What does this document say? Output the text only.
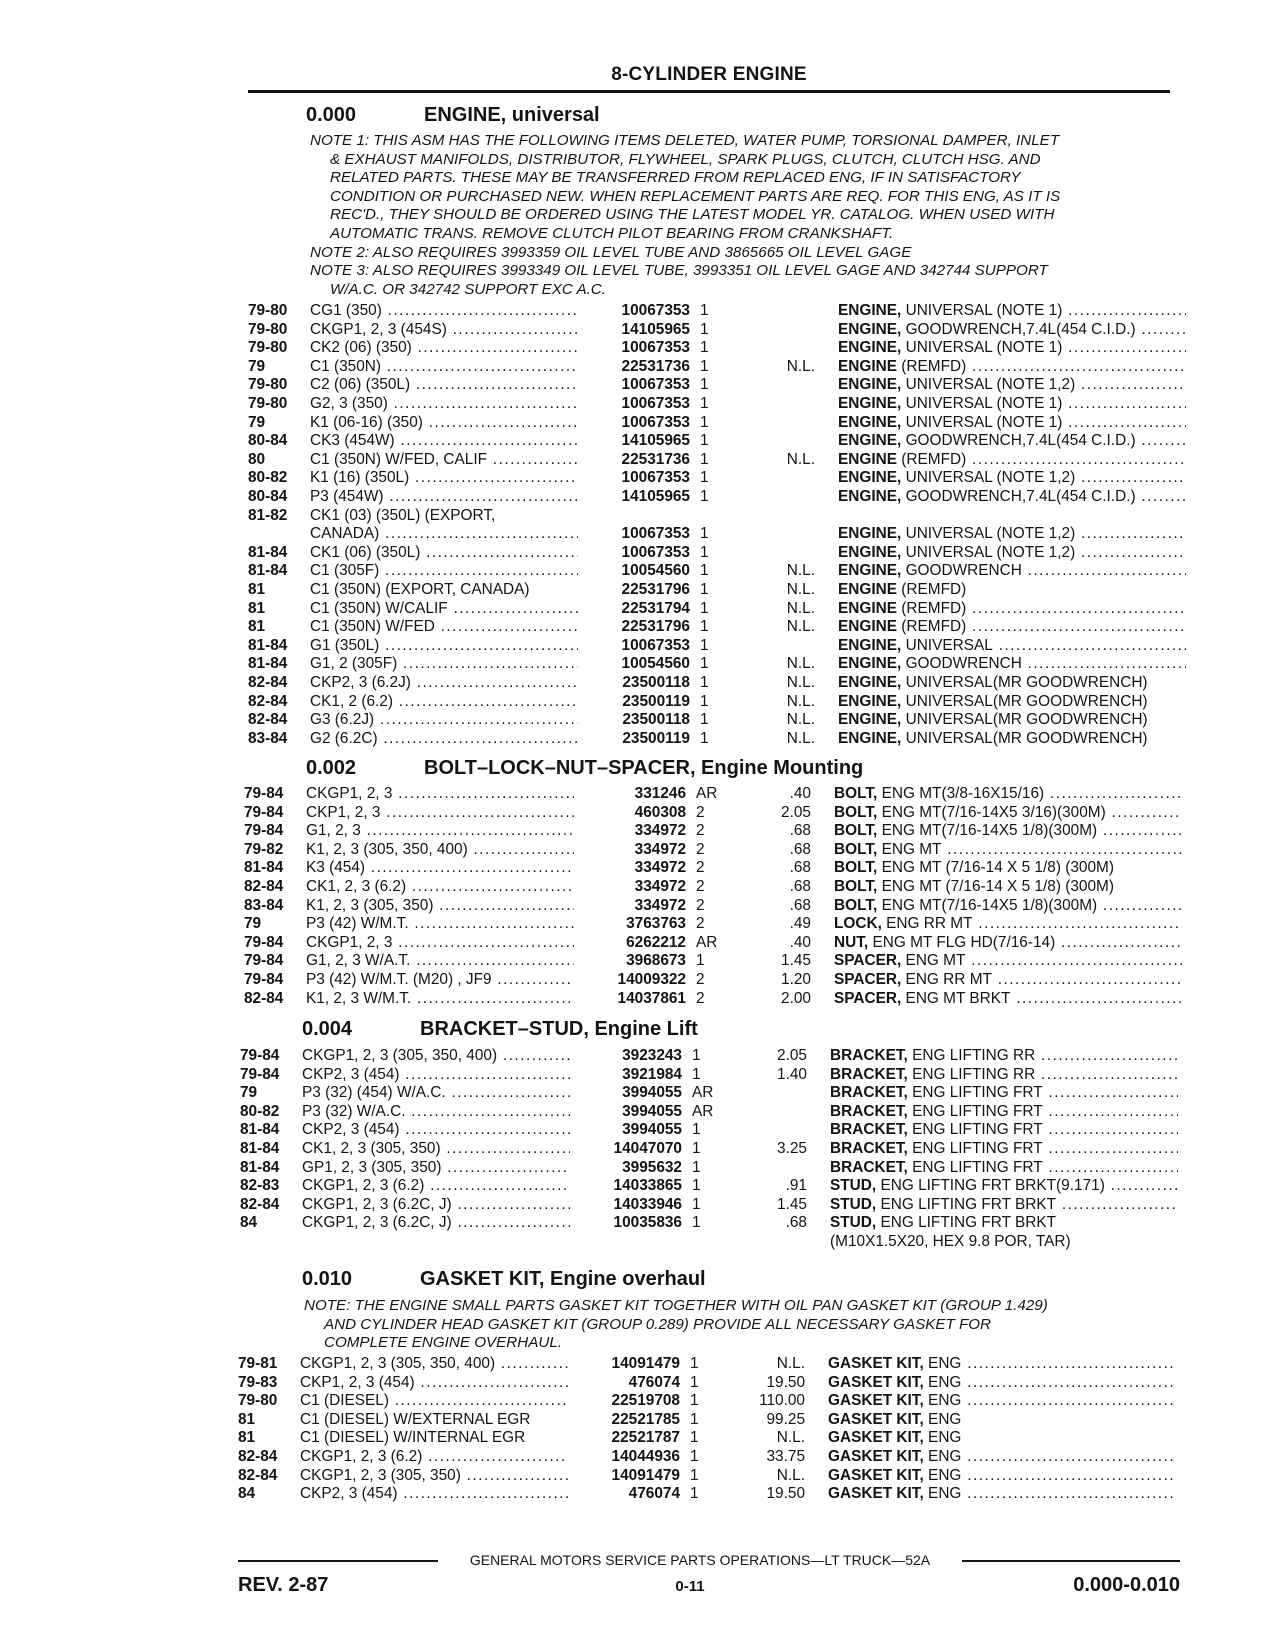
8-CYLINDER ENGINE
0.000	ENGINE, universal
NOTE 1: THIS ASM HAS THE FOLLOWING ITEMS DELETED, WATER PUMP, TORSIONAL DAMPER, INLET
& EXHAUST MANIFOLDS, DISTRIBUTOR, FLYWHEEL, SPARK PLUGS, CLUTCH, CLUTCH HSG. AND
RELATED PARTS. THESE MAY BE TRANSFERRED FROM REPLACED ENG, IF IN SATISFACTORY
CONDITION OR PURCHASED NEW. WHEN REPLACEMENT PARTS ARE REQ. FOR THIS ENG, AS IT IS
REC'D., THEY SHOULD BE ORDERED USING THE LATEST MODEL YR. CATALOG. WHEN USED WITH
AUTOMATIC TRANS. REMOVE CLUTCH PILOT BEARING FROM CRANKSHAFT.
NOTE 2: ALSO REQUIRES 3993359 OIL LEVEL TUBE AND 3865665 OIL LEVEL GAGE
NOTE 3: ALSO REQUIRES 3993349 OIL LEVEL TUBE, 3993351 OIL LEVEL GAGE AND 342744 SUPPORT
W/A.C. OR 342742 SUPPORT EXC A.C.
79-80 CG1 (350) .....	10067353 1	ENGINE, UNIVERSAL (NOTE 1) .....
79-80 CKGP1, 2, 3 (454S) .....	14105965 1	ENGINE, GOODWRENCH,7.4L(454 C.I.D.) .....
79-80 CK2 (06) (350) .....	10067353 1	ENGINE, UNIVERSAL (NOTE 1) .....
79	C1 (350N) .....	22531736 1	N.L. ENGINE (REMFD) .....
79-80 C2 (06) (350L) .....	10067353 1	ENGINE, UNIVERSAL (NOTE 1,2) .....
79-80 G2, 3 (350) .....	10067353 1	ENGINE, UNIVERSAL (NOTE 1) .....
79	K1 (06-16) (350) .....	10067353 1	ENGINE, UNIVERSAL (NOTE 1) .....
80-84 CK3 (454W) .....	14105965 1	ENGINE, GOODWRENCH,7.4L(454 C.I.D.) .....
80	C1 (350N) W/FED, CALIF .....	22531736 1	N.L. ENGINE (REMFD) .....
80-82 K1 (16) (350L) .....	10067353 1	ENGINE, UNIVERSAL (NOTE 1,2) .....
80-84 P3 (454W) .....	14105965 1	ENGINE, GOODWRENCH,7.4L(454 C.I.D.) .....
81-82 CK1 (03) (350L) (EXPORT,
CANADA) .....	10067353 1	ENGINE, UNIVERSAL (NOTE 1,2) .....
81-84 CK1 (06) (350L) .....	10067353 1	ENGINE, UNIVERSAL (NOTE 1,2) .....
81-84 C1 (305F) .....	10054560 1	N.L. ENGINE, GOODWRENCH .....
81	C1 (350N) (EXPORT, CANADA)	22531796 1	N.L. ENGINE (REMFD)
81	C1 (350N) W/CALIF .....	22531794 1	N.L. ENGINE (REMFD) .....
81	C1 (350N) W/FED .....	22531796 1	N.L. ENGINE (REMFD) .....
81-84 G1 (350L) .....	10067353 1	ENGINE, UNIVERSAL .....
81-84 G1, 2 (305F) .....	10054560 1	N.L. ENGINE, GOODWRENCH .....
82-84 CKP2, 3 (6.2J) .....	23500118 1	N.L. ENGINE, UNIVERSAL(MR GOODWRENCH)
82-84 CK1, 2 (6.2) .....	23500119 1	N.L. ENGINE, UNIVERSAL(MR GOODWRENCH)
82-84 G3 (6.2J) .....	23500118 1	N.L. ENGINE, UNIVERSAL(MR GOODWRENCH)
83-84 G2 (6.2C) .....	23500119 1	N.L. ENGINE, UNIVERSAL(MR GOODWRENCH)
0.002	BOLT–LOCK–NUT–SPACER, Engine Mounting
79-84 CKGP1, 2, 3 .....	331246 AR	.40 BOLT, ENG MT(3/8-16X15/16) .....
79-84 CKP1, 2, 3 .....	460308 2	2.05 BOLT, ENG MT(7/16-14X5 3/16)(300M) .....
79-84 G1, 2, 3 .....	334972 2	.68 BOLT, ENG MT(7/16-14X5 1/8)(300M) .....
79-82 K1, 2, 3 (305, 350, 400) .....	334972 2	.68 BOLT, ENG MT .....
81-84 K3 (454) .....	334972 2	.68 BOLT, ENG MT (7/16-14 X 5 1/8) (300M)
82-84 CK1, 2, 3 (6.2) .....	334972 2	.68 BOLT, ENG MT (7/16-14 X 5 1/8) (300M)
83-84 K1, 2, 3 (305, 350) .....	334972 2	.68 BOLT, ENG MT(7/16-14X5 1/8)(300M) .....
79	P3 (42) W/M.T. .....	3763763 2	.49 LOCK, ENG RR MT .....
79-84 CKGP1, 2, 3 .....	6262212 AR	.40 NUT, ENG MT FLG HD(7/16-14) .....
79-84 G1, 2, 3 W/A.T. .....	3968673 1	1.45 SPACER, ENG MT .....
79-84 P3 (42) W/M.T. (M20) , JF9 .....	14009322 2	1.20 SPACER, ENG RR MT .....
82-84 K1, 2, 3 W/M.T. .....	14037861 2	2.00 SPACER, ENG MT BRKT .....
0.004	BRACKET–STUD, Engine Lift
79-84 CKGP1, 2, 3 (305, 350, 400) .....	3923243 1	2.05 BRACKET, ENG LIFTING RR .....
79-84 CKP2, 3 (454) .....	3921984 1	1.40 BRACKET, ENG LIFTING RR .....
79	P3 (32) (454) W/A.C. .....	3994055 AR	BRACKET, ENG LIFTING FRT .....
80-82 P3 (32) W/A.C. .....	3994055 AR	BRACKET, ENG LIFTING FRT .....
81-84 CKP2, 3 (454) .....	3994055 1	BRACKET, ENG LIFTING FRT .....
81-84 CK1, 2, 3 (305, 350) .....	14047070 1	3.25 BRACKET, ENG LIFTING FRT .....
81-84 GP1, 2, 3 (305, 350) .....	3995632 1	BRACKET, ENG LIFTING FRT .....
82-83 CKGP1, 2, 3 (6.2) .....	14033865 1	.91 STUD, ENG LIFTING FRT BRKT(9.171) .....
82-84 CKGP1, 2, 3 (6.2C, J) .....	14033946 1	1.45 STUD, ENG LIFTING FRT BRKT .....
84	CKGP1, 2, 3 (6.2C, J) .....	10035836 1	.68 STUD, ENG LIFTING FRT BRKT
(M10X1.5X20, HEX 9.8 POR, TAR)
0.010	GASKET KIT, Engine overhaul
NOTE: THE ENGINE SMALL PARTS GASKET KIT TOGETHER WITH OIL PAN GASKET KIT (GROUP 1.429)
AND CYLINDER HEAD GASKET KIT (GROUP 0.289) PROVIDE ALL NECESSARY GASKET FOR
COMPLETE ENGINE OVERHAUL.
79-81 CKGP1, 2, 3 (305, 350, 400) .....	14091479 1	N.L. GASKET KIT, ENG .....
79-83 CKP1, 2, 3 (454) .....	476074 1	19.50 GASKET KIT, ENG .....
79-80 C1 (DIESEL) .....	22519708 1	110.00 GASKET KIT, ENG .....
81	C1 (DIESEL) W/EXTERNAL EGR	22521785 1	99.25 GASKET KIT, ENG
81	C1 (DIESEL) W/INTERNAL EGR	22521787 1	N.L. GASKET KIT, ENG
82-84 CKGP1, 2, 3 (6.2) .....	14044936 1	33.75 GASKET KIT, ENG .....
82-84 CKGP1, 2, 3 (305, 350) .....	14091479 1	N.L. GASKET KIT, ENG .....
84	CKP2, 3 (454) .....	476074 1	19.50 GASKET KIT, ENG .....
GENERAL MOTORS SERVICE PARTS OPERATIONS—LT TRUCK—52A
REV. 2-87	0-11	0.000-0.010
